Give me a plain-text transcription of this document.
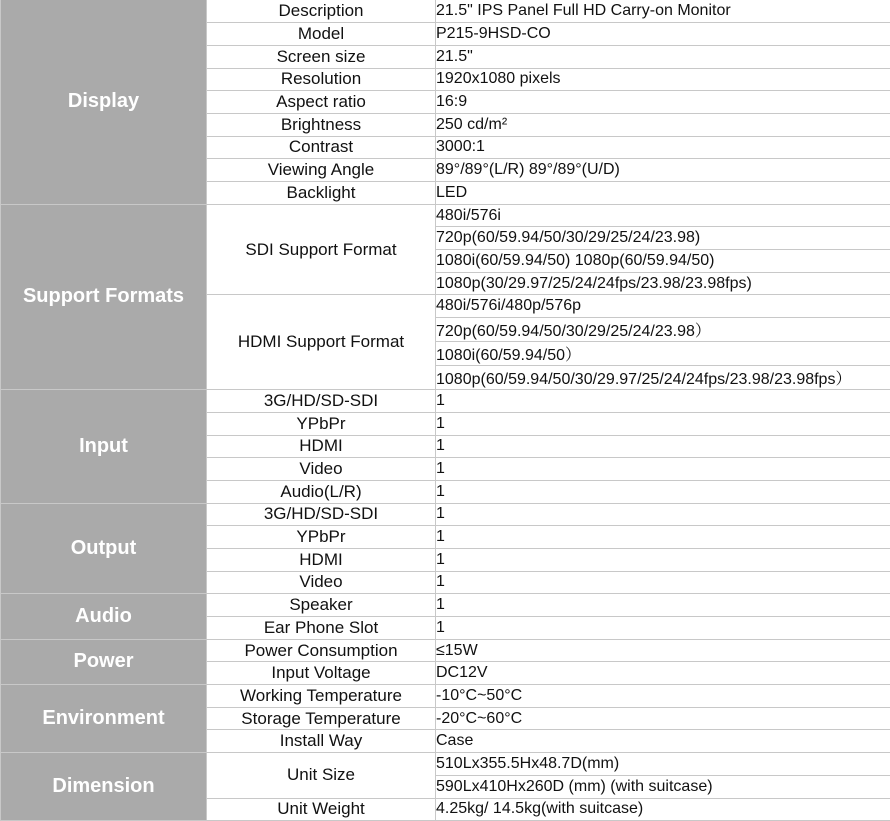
Display	Description	21.5" IPS Panel Full HD Carry-on Monitor
	Model	P215-9HSD-CO
	Screen size	21.5"
	Resolution	1920x1080 pixels
	Aspect ratio	16:9
	Brightness	250 cd/m²
	Contrast	3000:1
	Viewing Angle	89°/89°(L/R) 89°/89°(U/D)
	Backlight	LED
Support Formats	SDI Support Format	480i/576i
		720p(60/59.94/50/30/29/25/24/23.98)
		1080i(60/59.94/50) 1080p(60/59.94/50)
		1080p(30/29.97/25/24/24fps/23.98/23.98fps)
	HDMI Support Format	480i/576i/480p/576p
		720p(60/59.94/50/30/29/25/24/23.98）
		1080i(60/59.94/50）
		1080p(60/59.94/50/30/29.97/25/24/24fps/23.98/23.98fps）
Input	3G/HD/SD-SDI	1
	YPbPr	1
	HDMI	1
	Video	1
	Audio(L/R)	1
Output	3G/HD/SD-SDI	1
	YPbPr	1
	HDMI	1
	Video	1
Audio	Speaker	1
	Ear Phone Slot	1
Power	Power Consumption	≤15W
	Input Voltage	DC12V
Environment	Working Temperature	-10°C~50°C
	Storage Temperature	-20°C~60°C
	Install Way	Case
Dimension	Unit Size	510Lx355.5Hx48.7D(mm)
		590Lx410Hx260D (mm) (with suitcase)
	Unit Weight	4.25kg/ 14.5kg(with suitcase)
